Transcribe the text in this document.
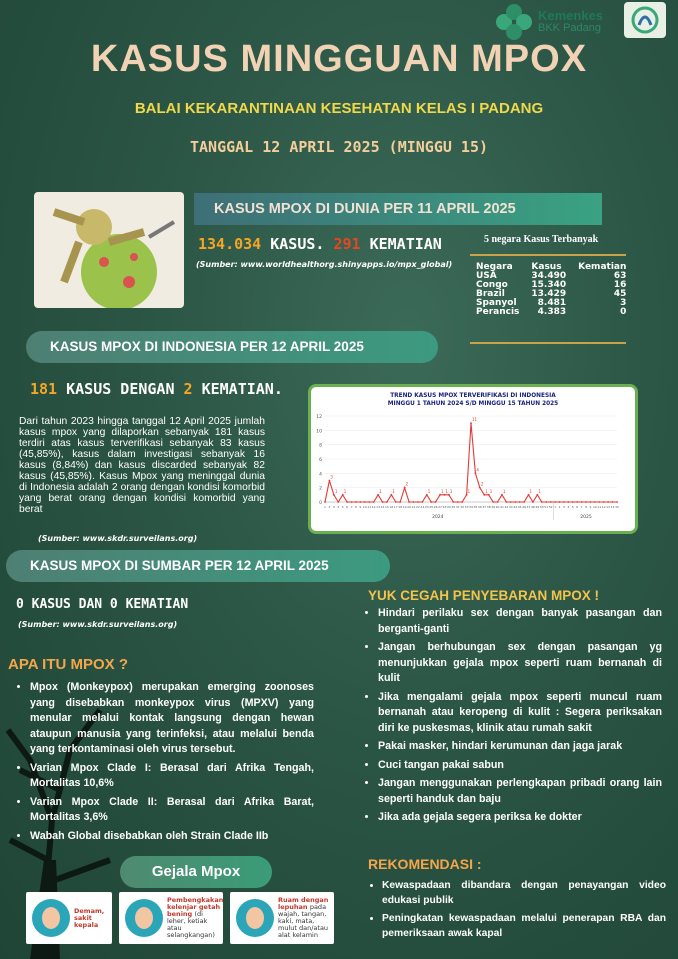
Kemenkes
BKK Padang
KASUS MINGGUAN MPOX
BALAI KEKARANTINAAN KESEHATAN KELAS I PADANG
TANGGAL 12 APRIL 2025 (MINGGU 15)
KASUS MPOX DI DUNIA PER 11 APRIL 2025
134.034 KASUS. 291 KEMATIAN
(Sumber: www.worldhealthorg.shinyapps.io/mpx_global)
5 negara Kasus Terbanyak
Negara	Kasus	Kematian
USA	34.490	63
Congo	15.340	16
Brazil	13.429	45
Spanyol	8.481	3
Perancis	4.383	0
KASUS MPOX DI INDONESIA PER 12 APRIL 2025
181 KASUS DENGAN 2 KEMATIAN.
Dari tahun 2023 hingga tanggal 12 April 2025 jumlah kasus mpox yang dilaporkan sebanyak 181 kasus terdiri atas kasus terverifikasi sebanyak 83 kasus (45,85%), kasus dalam investigasi sebanyak 16 kasus (8,84%) dan kasus discarded sebanyak 82 kasus (45,85%). Kasus Mpox yang meninggal dunia di Indonesia adalah 2 orang dengan kondisi komorbid yang berat orang dengan kondisi komorbid yang berat
(Sumber: www.skdr.surveilans.org)
TREND KASUS MPOX TERVERIFIKASI DI INDONESIA
MINGGU 1 TAHUN 2024 S/D MINGGU 15 TAHUN 2025
0
2
4
6
8
10
12
1
3
2
1
3 4
1
5 6 7 8 9 10 11 12
1
13 14 15
1
16 17 18
2
19 20 21 22 23
1
24 25 26
1
27
1
28
1
29 30 31 32
1
33
11
34
4
35
2
36
1
37
1
38 39 40
1
41 42 43 44 45 46
1
47 48
1
49 50 51 52 1 2 3 4 5 6 7 8 9 10 11 12 13 14 15
2024	2025
KASUS MPOX DI SUMBAR PER 12 APRIL 2025
0 KASUS DAN 0 KEMATIAN
(Sumber: www.skdr.surveilans.org)
APA ITU MPOX ?
• Mpox (Monkeypox) merupakan emerging zoonoses yang disebabkan monkeypox virus (MPXV) yang menular melalui kontak langsung dengan hewan ataupun manusia yang terinfeksi, atau melalui benda yang terkontaminasi oleh virus tersebut.
• Varian Mpox Clade I: Berasal dari Afrika Tengah, Mortalitas 10,6%
• Varian Mpox Clade II: Berasal dari Afrika Barat, Mortalitas 3,6%
• Wabah Global disebabkan oleh Strain Clade IIb
YUK CEGAH PENYEBARAN MPOX !
• Hindari perilaku sex dengan banyak pasangan dan berganti-ganti
• Jangan berhubungan sex dengan pasangan yg menunjukkan gejala mpox seperti ruam bernanah di kulit
• Jika mengalami gejala mpox seperti muncul ruam bernanah atau keropeng di kulit : Segera periksakan diri ke puskesmas, klinik atau rumah sakit
• Pakai masker, hindari kerumunan dan jaga jarak
• Cuci tangan pakai sabun
• Jangan menggunakan perlengkapan pribadi orang lain seperti handuk dan baju
• Jika ada gejala segera periksa ke dokter
Gejala Mpox
Demam, sakit kepala
Pembengkakan kelenjar getah bening (di leher, ketiak atau selangkangan)
Ruam dengan lepuhan pada wajah, tangan, kaki, mata, mulut dan/atau alat kelamin
REKOMENDASI :
• Kewaspadaan dibandara dengan penayangan video edukasi publik
• Peningkatan kewaspadaan melalui penerapan RBA dan pemeriksaan awak kapal
